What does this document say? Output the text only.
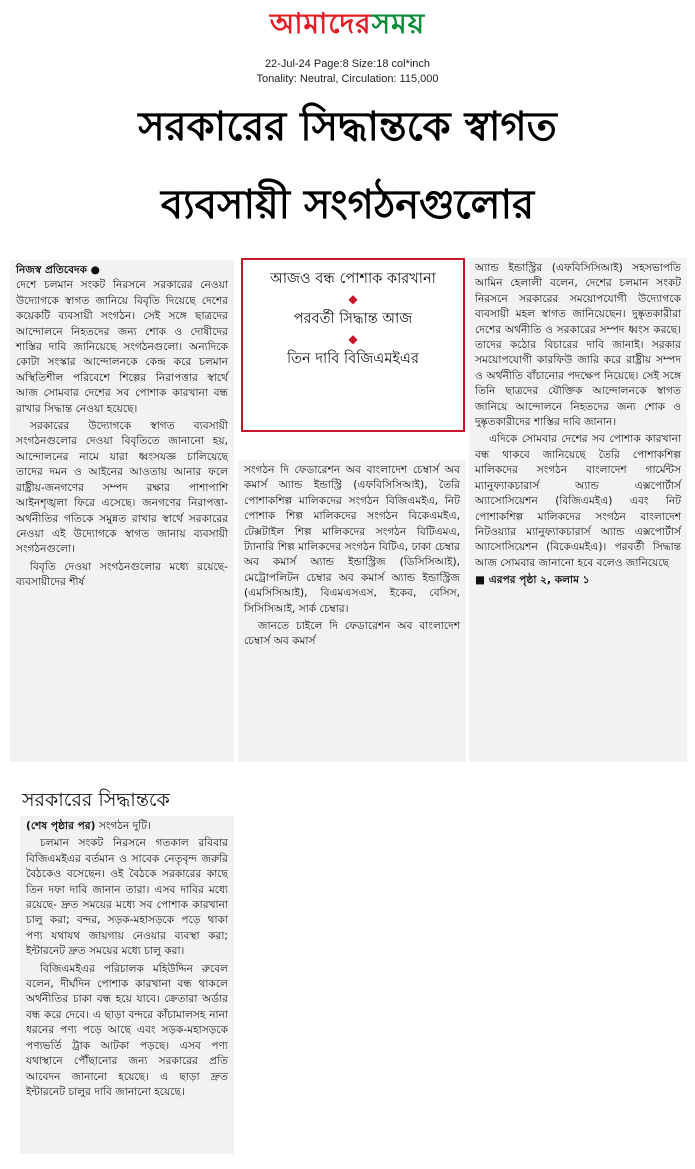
আমাদেরসময়
22-Jul-24 Page:8 Size:18 col*inch
Tonality: Neutral, Circulation: 115,000
সরকারের সিদ্ধান্তকে স্বাগত
ব্যবসায়ী সংগঠনগুলোর
নিজস্ব প্রতিবেদক ●

দেশে চলমান সংকট নিরসনে সরকারের নেওয়া উদ্যোগকে স্বাগত জানিয়ে বিবৃতি দিয়েছে দেশের কয়েকটি ব্যবসায়ী সংগঠন। সেই সঙ্গে ছাত্রদের আন্দোলনে নিহতদের জন্য শোক ও দোষীদের শাস্তির দাবি জানিয়েছে সংগঠনগুলো। অন্যদিকে কোটা সংস্কার আন্দোলনকে কেন্দ্র করে চলমান অস্থিতিশীল পরিবেশে শিল্পের নিরাপত্তার স্বার্থে আজ সোমবার দেশের সব পোশাক কারখানা বন্ধ রাখার সিদ্ধান্ত নেওয়া হয়েছে।

সরকারের উদ্যোগকে স্বাগত ব্যবসায়ী সংগঠনগুলোর দেওয়া বিবৃতিতে জানানো হয়, আন্দোলনের নামে যারা ধ্বংসযজ্ঞ চালিয়েছে তাদের দমন ও আইনের আওতায় আনার ফলে রাষ্ট্রীয়-জনগণের সম্পদ রক্ষার পাশাপাশি আইনশৃঙ্খলা ফিরে এসেছে। জনগণের নিরাপত্তা-অর্থনীতির গতিকে সমুন্নত রাখার স্বার্থে সরকারের নেওয়া এই উদ্যোগকে স্বাগত জানায় ব্যবসায়ী সংগঠনগুলো।

বিবৃতি দেওয়া সংগঠনগুলোর মধ্যে রয়েছে- ব্যবসায়ীদের শীর্ষ

আজও বন্ধ পোশাক কারখানা
◆
পরবর্তী সিদ্ধান্ত আজ
◆
তিন দাবি বিজিএমইএর

সংগঠন দি ফেডারেশন অব বাংলাদেশ চেম্বার্স অব কমার্স অ্যান্ড ইন্ডাস্ট্রি (এফবিসিসিআই), তৈরি পোশাকশিল্প মালিকদের সংগঠন বিজিএমইএ, নিট পোশাক শিল্প মালিকদের সংগঠন বিকেএমইএ, টেক্সটাইল শিল্প মালিকদের সংগঠন বিটিএমএ, ট্যানারি শিল্প মালিকদের সংগঠন বিটিএ, ঢাকা চেম্বার অব কমার্স অ্যান্ড ইন্ডাস্ট্রিজ (ডিসিসিআই), মেট্রোপলিটন চেম্বার অব কমার্স অ্যান্ড ইন্ডাস্ট্রিজ (এমসিসিআই), বিএমএসএস, ইকেব, বেসিস, সিসিসিআই, সার্ক চেম্বার।

জানতে চাইলে দি ফেডারেশন অব বাংলাদেশ চেম্বার্স অব কমার্স

অ্যান্ড ইন্ডাস্ট্রির (এফবিসিসিআই) সহসভাপতি আমিন হেলালী বলেন, দেশের চলমান সংকট নিরসনে সরকারের সময়োপযোগী উদ্যোগকে ব্যবসায়ী মহল স্বাগত জানিয়েছেন। দুষ্কৃতকারীরা দেশের অর্থনীতি ও সরকারের সম্পদ ধ্বংস করছে। তাদের কঠোর বিচারের দাবি জানাই। সরকার সময়োপযোগী কারফিউ জারি করে রাষ্ট্রীয় সম্পদ ও অর্থনীতি বাঁচানোর পদক্ষেপ নিয়েছে। সেই সঙ্গে তিনি ছাত্রদের যৌক্তিক আন্দোলনকে স্বাগত জানিয়ে আন্দোলনে নিহতদের জন্য শোক ও দুষ্কৃতকারীদের শাস্তির দাবি জানান।

এদিকে সোমবার দেশের সব পোশাক কারখানা বন্ধ থাকবে জানিয়েছে তৈরি পোশাকশিল্প মালিকদের সংগঠন বাংলাদেশ গার্মেন্টস ম্যানুফ্যাকচারার্স অ্যান্ড এক্সপোর্টার্স অ্যাসোসিয়েশন (বিজিএমইএ) এবং নিট পোশাকশিল্প মালিকদের সংগঠন বাংলাদেশ নিটওয়্যার ম্যানুফ্যাকচারার্স অ্যান্ড এক্সপোর্টার্স অ্যাসোসিয়েশন (বিকেএমইএ)। পরবর্তী সিদ্ধান্ত আজ সোমবার জানানো হবে বলেও জানিয়েছে

■ এরপর পৃষ্ঠা ২, কলাম ১
সরকারের সিদ্ধান্তকে

(শেষ পৃষ্ঠার পর) সংগঠন দুটি।

চলমান সংকট নিরসনে গতকাল রবিবার বিজিএমইএর বর্তমান ও সাবেক নেতৃবৃন্দ জরুরি বৈঠকেও বসেছেন। ওই বৈঠকে সরকারের কাছে তিন দফা দাবি জানান তারা। এসব দাবির মধ্যে রয়েছে- দ্রুত সময়ের মধ্যে সব পোশাক কারখানা চালু করা; বন্দর, সড়ক-মহাসড়কে পড়ে থাকা পণ্য যথাযথ জায়গায় নেওয়ার ব্যবস্থা করা; ইন্টারনেট দ্রুত সময়ের মধ্যে চালু করা।

বিজিএমইএর পরিচালক মহিউদ্দিন রুবেল বলেন, দীর্ঘদিন পোশাক কারখানা বন্ধ থাকলে অর্থনীতির চাকা বন্ধ হয়ে যাবে। ক্রেতারা অর্ডার বন্ধ করে দেবে। এ ছাড়া বন্দরে কাঁচামালসহ নানা ধরনের পণ্য পড়ে আছে এবং সড়ক-মহাসড়কে পণ্যভর্তি ট্রাক আটকা পড়ছে। এসব পণ্য যথাস্থানে পৌঁছানোর জন্য সরকারের প্রতি আবেদন জানানো হয়েছে। এ ছাড়া দ্রুত ইন্টারনেট চালুর দাবি জানানো হয়েছে।
